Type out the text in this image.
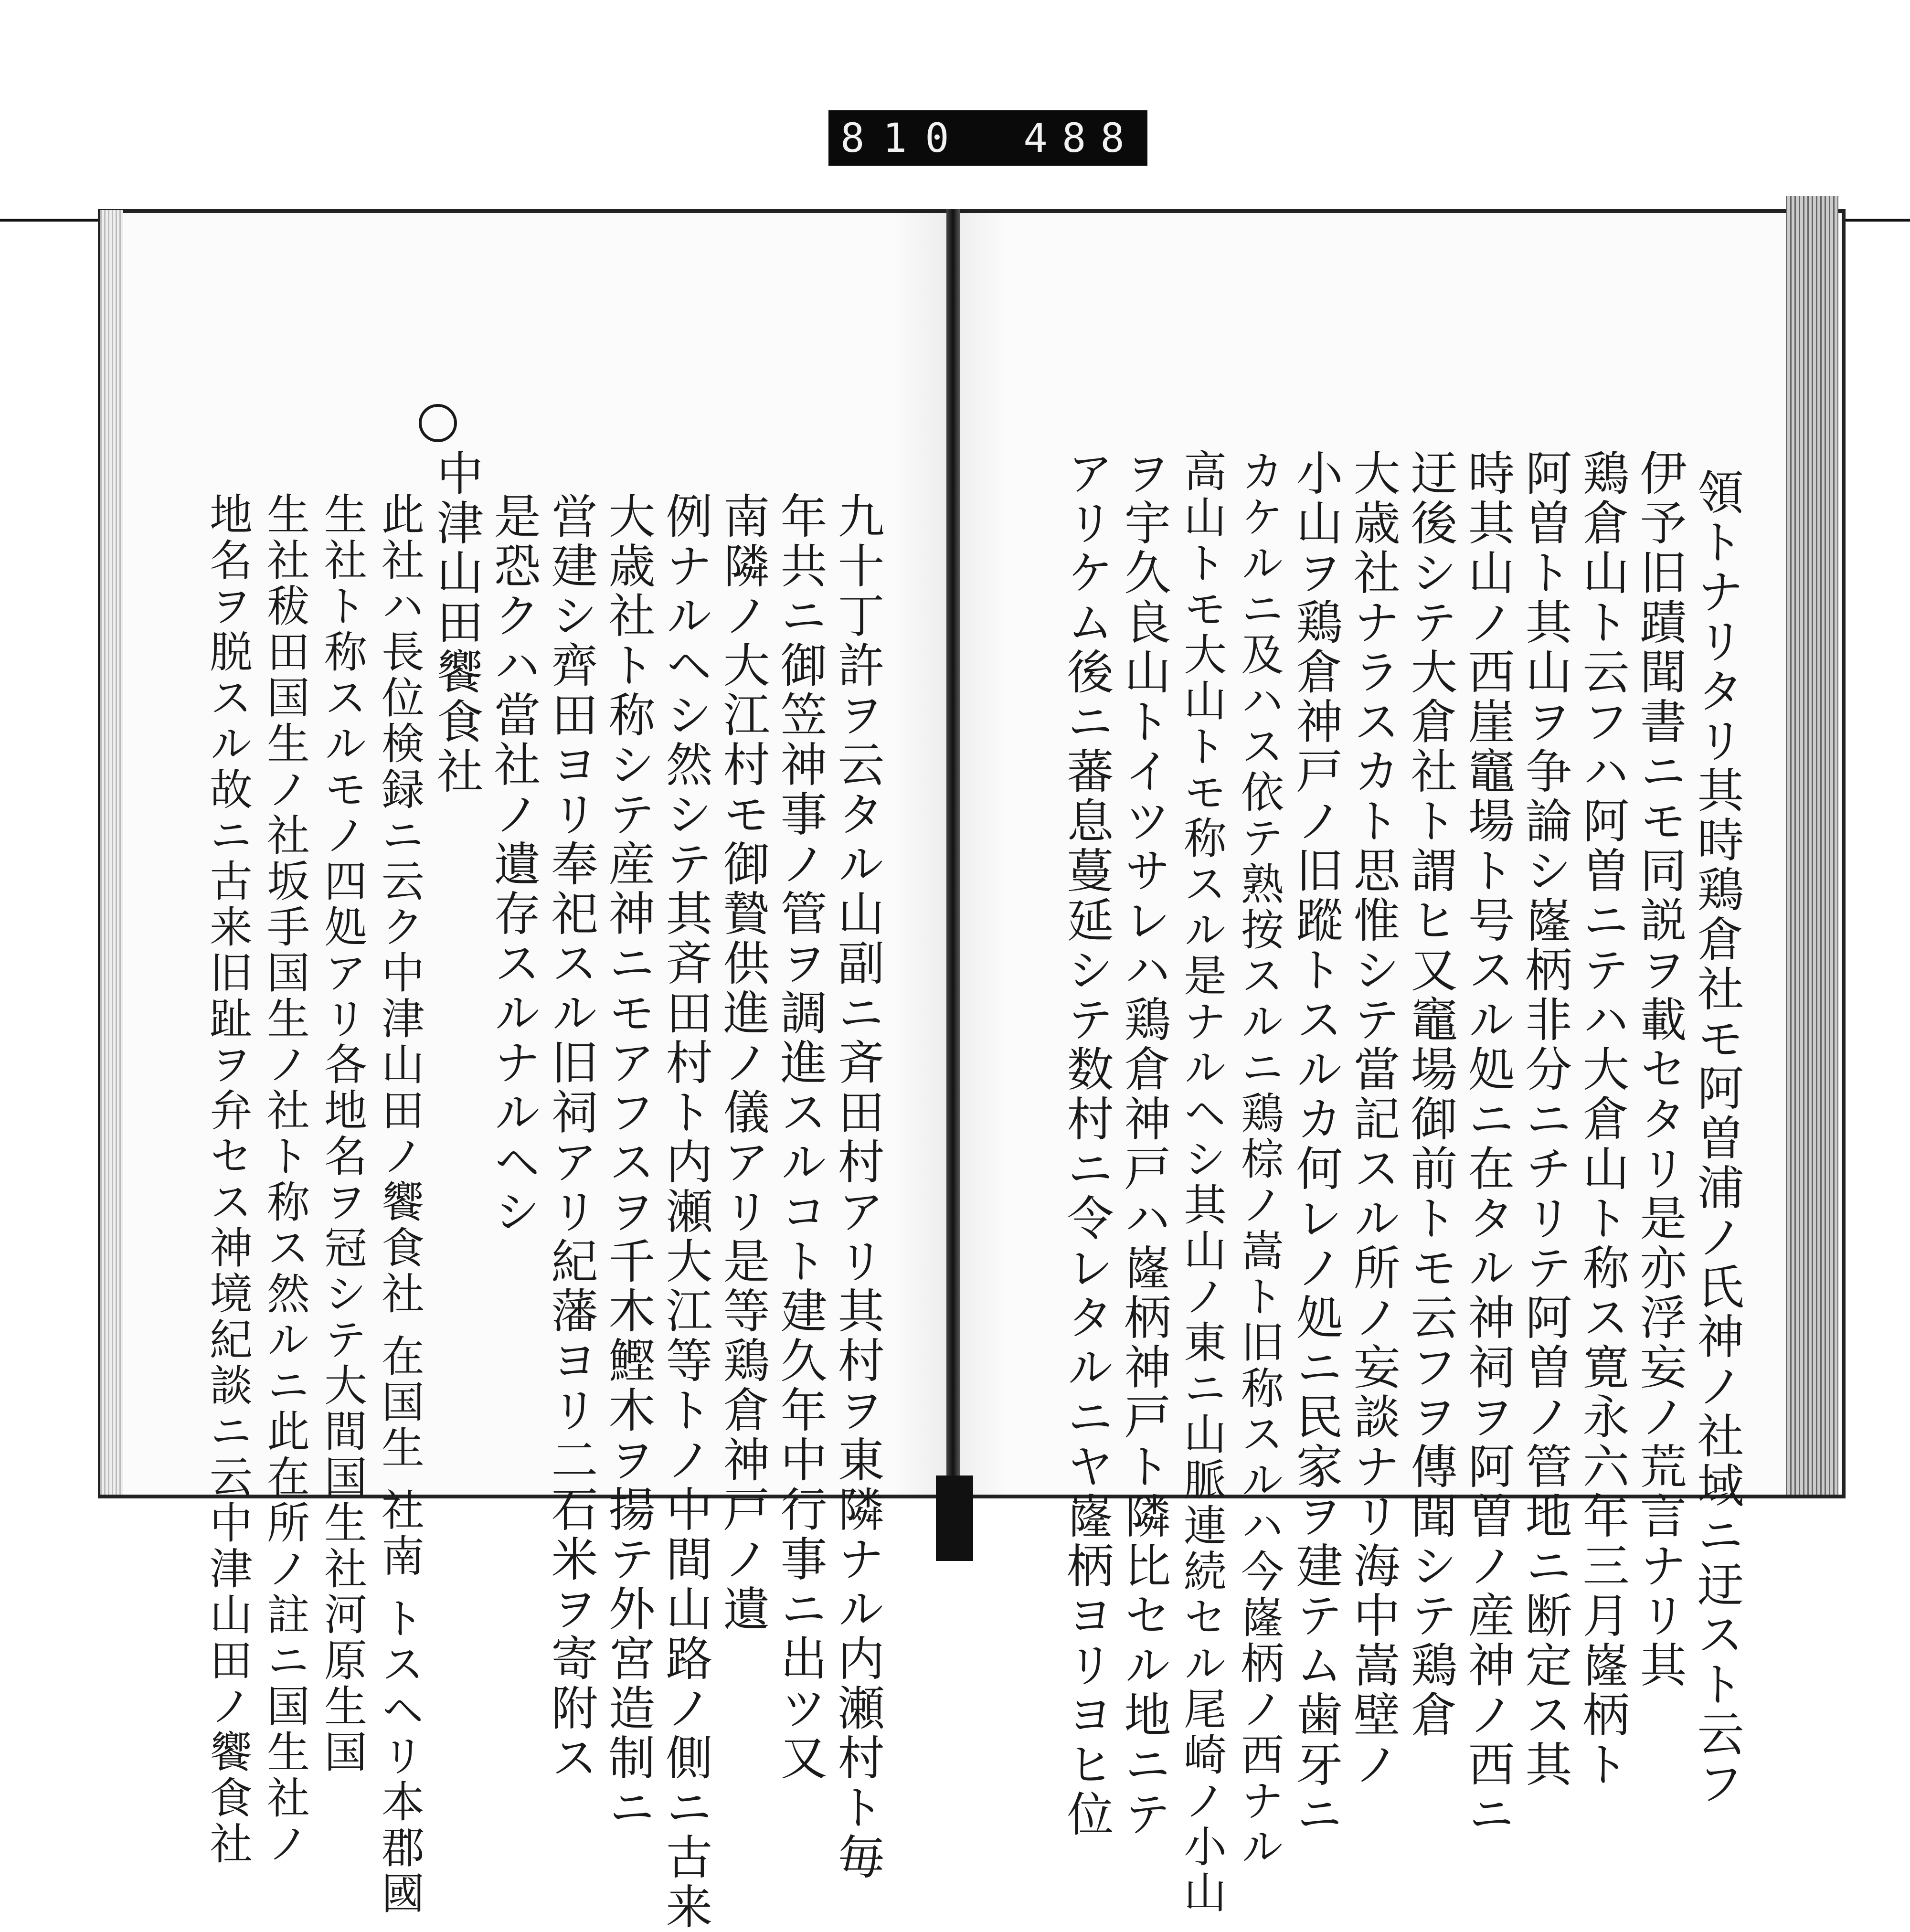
810 488
領トナリタリ其時鶏倉社モ阿曽浦ノ氏神ノ社域ニ迂スト云フ
伊予旧蹟聞書ニモ同説ヲ載セタリ是亦浮妄ノ荒言ナリ其
鶏倉山ト云フハ阿曽ニテハ大倉山ト称ス寛永六年三月嶐柄ト
阿曽ト其山ヲ争論シ嶐柄非分ニチリテ阿曽ノ管地ニ断定ス其
時其山ノ西崖竈場ト号スル処ニ在タル神祠ヲ阿曽ノ産神ノ西ニ
迂後シテ大倉社ト謂ヒ又竈場御前トモ云フヲ傳聞シテ鶏倉
大歳社ナラスカト思惟シテ當記スル所ノ妄談ナリ海中嵩壁ノ
小山ヲ鶏倉神戸ノ旧蹤トスルカ何レノ処ニ民家ヲ建テム歯牙ニ
カケルニ及ハス依テ熟按スルニ鶏棕ノ嵩ト旧称スルハ今嶐柄ノ西ナル
高山トモ大山トモ称スル是ナルヘシ其山ノ東ニ山脈連続セル尾崎ノ小山
ヲ宇久良山トイツサレハ鶏倉神戸ハ嶐柄神戸ト隣比セル地ニテ
アリケム後ニ蕃息蔓延シテ数村ニ令レタルニヤ嶐柄ヨリヨヒ位
九十丁許ヲ云タル山副ニ斉田村アリ其村ヲ東隣ナル内瀬村ト毎
年共ニ御笠神事ノ管ヲ調進スルコト建久年中行事ニ出ツ又
南隣ノ大江村モ御贄供進ノ儀アリ是等鶏倉神戸ノ遺
例ナルヘシ然シテ其斉田村ト内瀬大江等トノ中間山路ノ側ニ古来
大歳社ト称シテ産神ニモアフスヲ千木鰹木ヲ揚テ外宮造制ニ
営建シ齊田ヨリ奉祀スル旧祠アリ紀藩ヨリ二石米ヲ寄附ス
是恐クハ當社ノ遺存スルナルヘシ
中津山田饗食社
此社ハ長位検録ニ云ク中津山田ノ饗食社 在国生 社南 トスヘリ本郡國
生社ト称スルモノ四処アリ各地名ヲ冠シテ大間国生社河原生国
生社秡田国生ノ社坂手国生ノ社ト称ス然ルニ此在所ノ註ニ国生社ノ
地名ヲ脱スル故ニ古来旧趾ヲ弁セス神境紀談ニ云中津山田ノ饗食社
